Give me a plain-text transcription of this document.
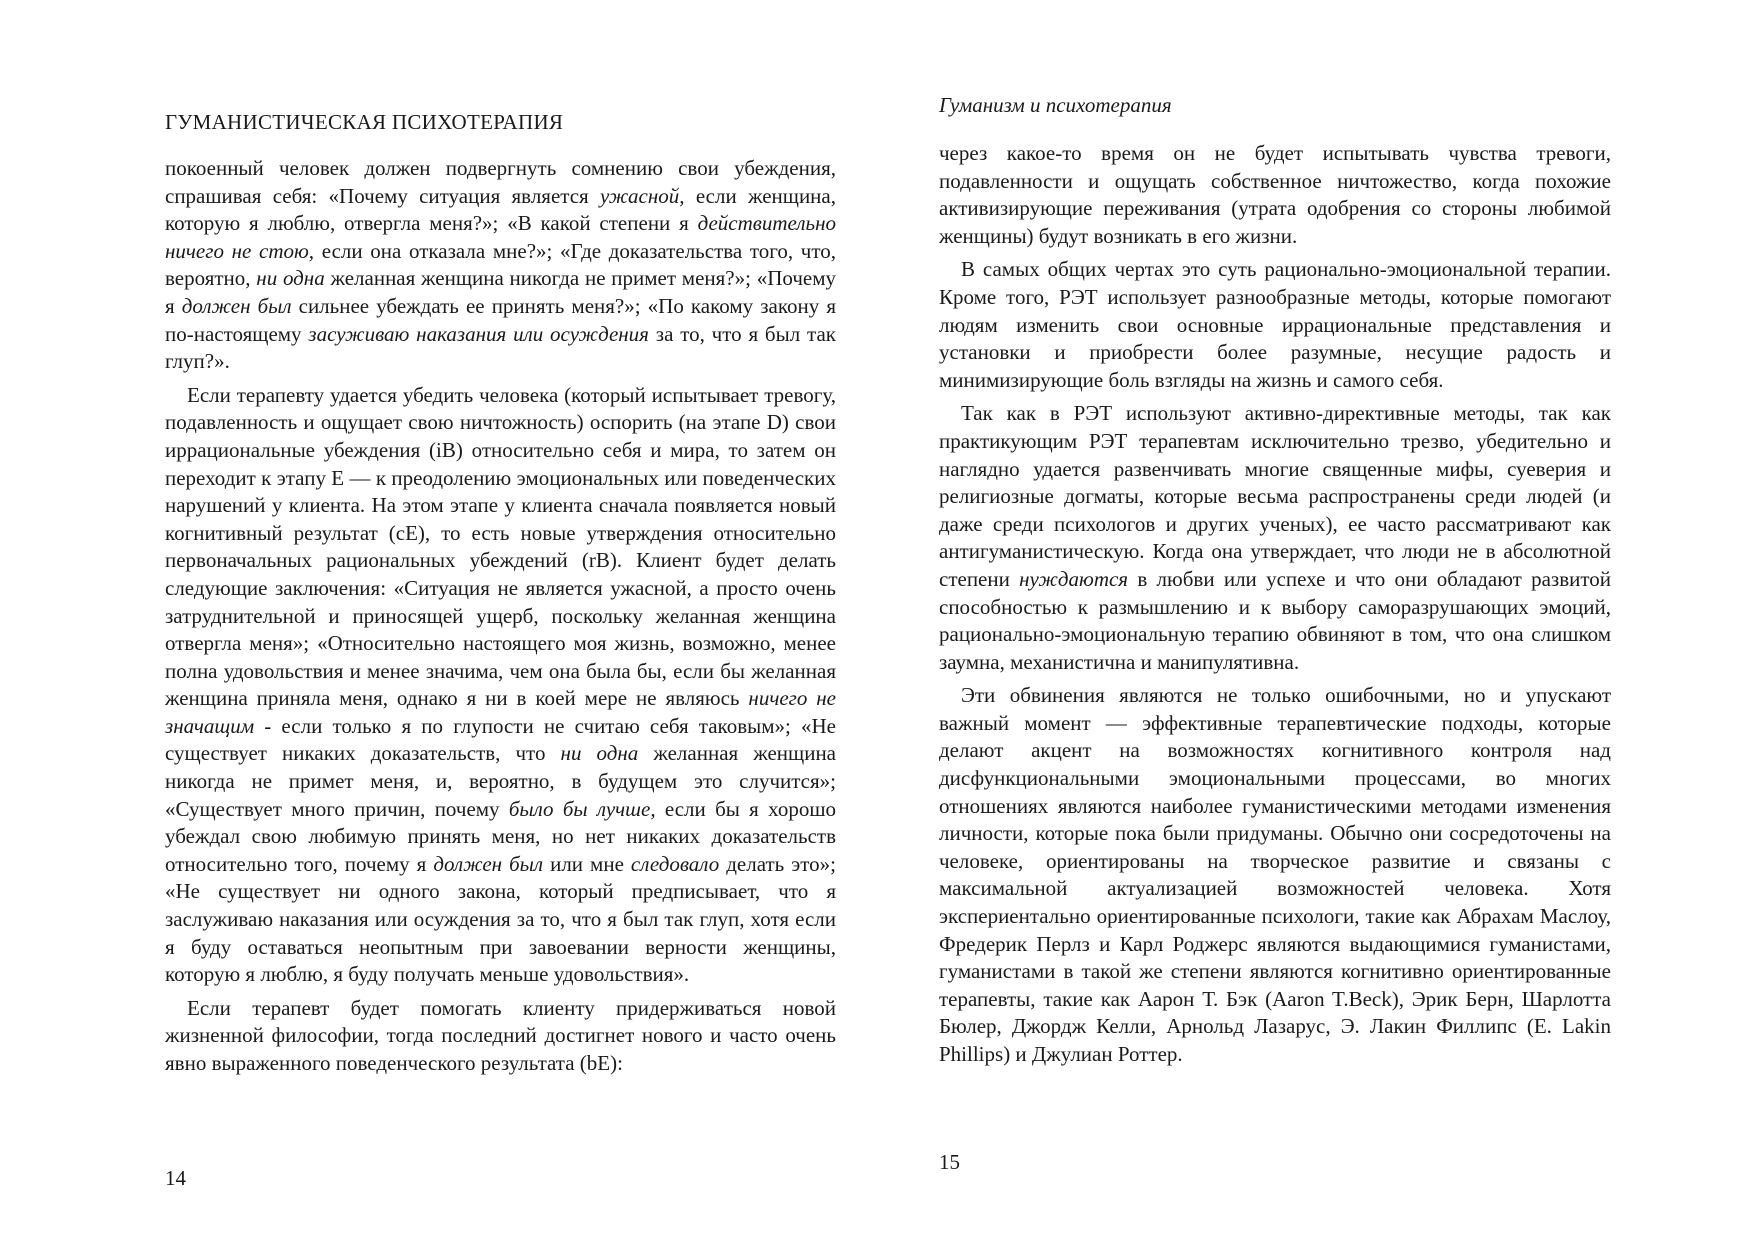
ГУМАНИСТИЧЕСКАЯ ПСИХОТЕРАПИЯ

покоенный человек должен подвергнуть сомнению свои убеждения, спрашивая себя: «Почему ситуация является ужасной, если женщина, которую я люблю, отвергла меня?»; «В какой степени я действительно ничего не стою, если она отказала мне?»; «Где доказательства того, что, вероятно, ни одна желанная женщина никогда не примет меня?»; «Почему я должен был сильнее убеждать ее принять меня?»; «По какому закону я по-настоящему засуживаю наказания или осуждения за то, что я был так глуп?».

Если терапевту удается убедить человека (который испытывает тревогу, подавленность и ощущает свою ничтожность) оспорить (на этапе D) свои иррациональные убеждения (iB) относительно себя и мира, то затем он переходит к этапу E — к преодолению эмоциональных или поведенческих нарушений у клиента. На этом этапе у клиента сначала появляется новый когнитивный результат (cE), то есть новые утверждения относительно первоначальных рациональных убеждений (rB). Клиент будет делать следующие заключения: «Ситуация не является ужасной, а просто очень затруднительной и приносящей ущерб, поскольку желанная женщина отвергла меня»; «Относительно настоящего моя жизнь, возможно, менее полна удовольствия и менее значима, чем она была бы, если бы желанная женщина приняла меня, однако я ни в коей мере не являюсь ничего не значащим - если только я по глупости не считаю себя таковым»; «Не существует никаких доказательств, что ни одна желанная женщина никогда не примет меня, и, вероятно, в будущем это случится»; «Существует много причин, почему было бы лучше, если бы я хорошо убеждал свою любимую принять меня, но нет никаких доказательств относительно того, почему я должен был или мне следовало делать это»; «Не существует ни одного закона, который предписывает, что я заслуживаю наказания или осуждения за то, что я был так глуп, хотя если я буду оставаться неопытным при завоевании верности женщины, которую я люблю, я буду получать меньше удовольствия».

Если терапевт будет помогать клиенту придерживаться новой жизненной философии, тогда последний достигнет нового и часто очень явно выраженного поведенческого результата (bE):

14
Гуманизм и психотерапия

через какое-то время он не будет испытывать чувства тревоги, подавленности и ощущать собственное ничтожество, когда похожие активизирующие переживания (утрата одобрения со стороны любимой женщины) будут возникать в его жизни.

В самых общих чертах это суть рационально-эмоциональной терапии. Кроме того, РЭТ использует разнообразные методы, которые помогают людям изменить свои основные иррациональные представления и установки и приобрести более разумные, несущие радость и минимизирующие боль взгляды на жизнь и самого себя.

Так как в РЭТ используют активно-директивные методы, так как практикующим РЭТ терапевтам исключительно трезво, убедительно и наглядно удается развенчивать многие священные мифы, суеверия и религиозные догматы, которые весьма распространены среди людей (и даже среди психологов и других ученых), ее часто рассматривают как антигуманистическую. Когда она утверждает, что люди не в абсолютной степени нуждаются в любви или успехе и что они обладают развитой способностью к размышлению и к выбору саморазрушающих эмоций, рационально-эмоциональную терапию обвиняют в том, что она слишком заумна, механистична и манипулятивна.

Эти обвинения являются не только ошибочными, но и упускают важный момент — эффективные терапевтические подходы, которые делают акцент на возможностях когнитивного контроля над дисфункциональными эмоциональными процессами, во многих отношениях являются наиболее гуманистическими методами изменения личности, которые пока были придуманы. Обычно они сосредоточены на человеке, ориентированы на творческое развитие и связаны с максимальной актуализацией возможностей человека. Хотя экспериентально ориентированные психологи, такие как Абрахам Маслоу, Фредерик Перлз и Карл Роджерс являются выдающимися гуманистами, гуманистами в такой же степени являются когнитивно ориентированные терапевты, такие как Аарон Т. Бэк (Aaron T.Beck), Эрик Берн, Шарлотта Бюлер, Джордж Келли, Арнольд Лазарус, Э. Лакин Филлипс (E. Lakin Phillips) и Джулиан Роттер.

15
